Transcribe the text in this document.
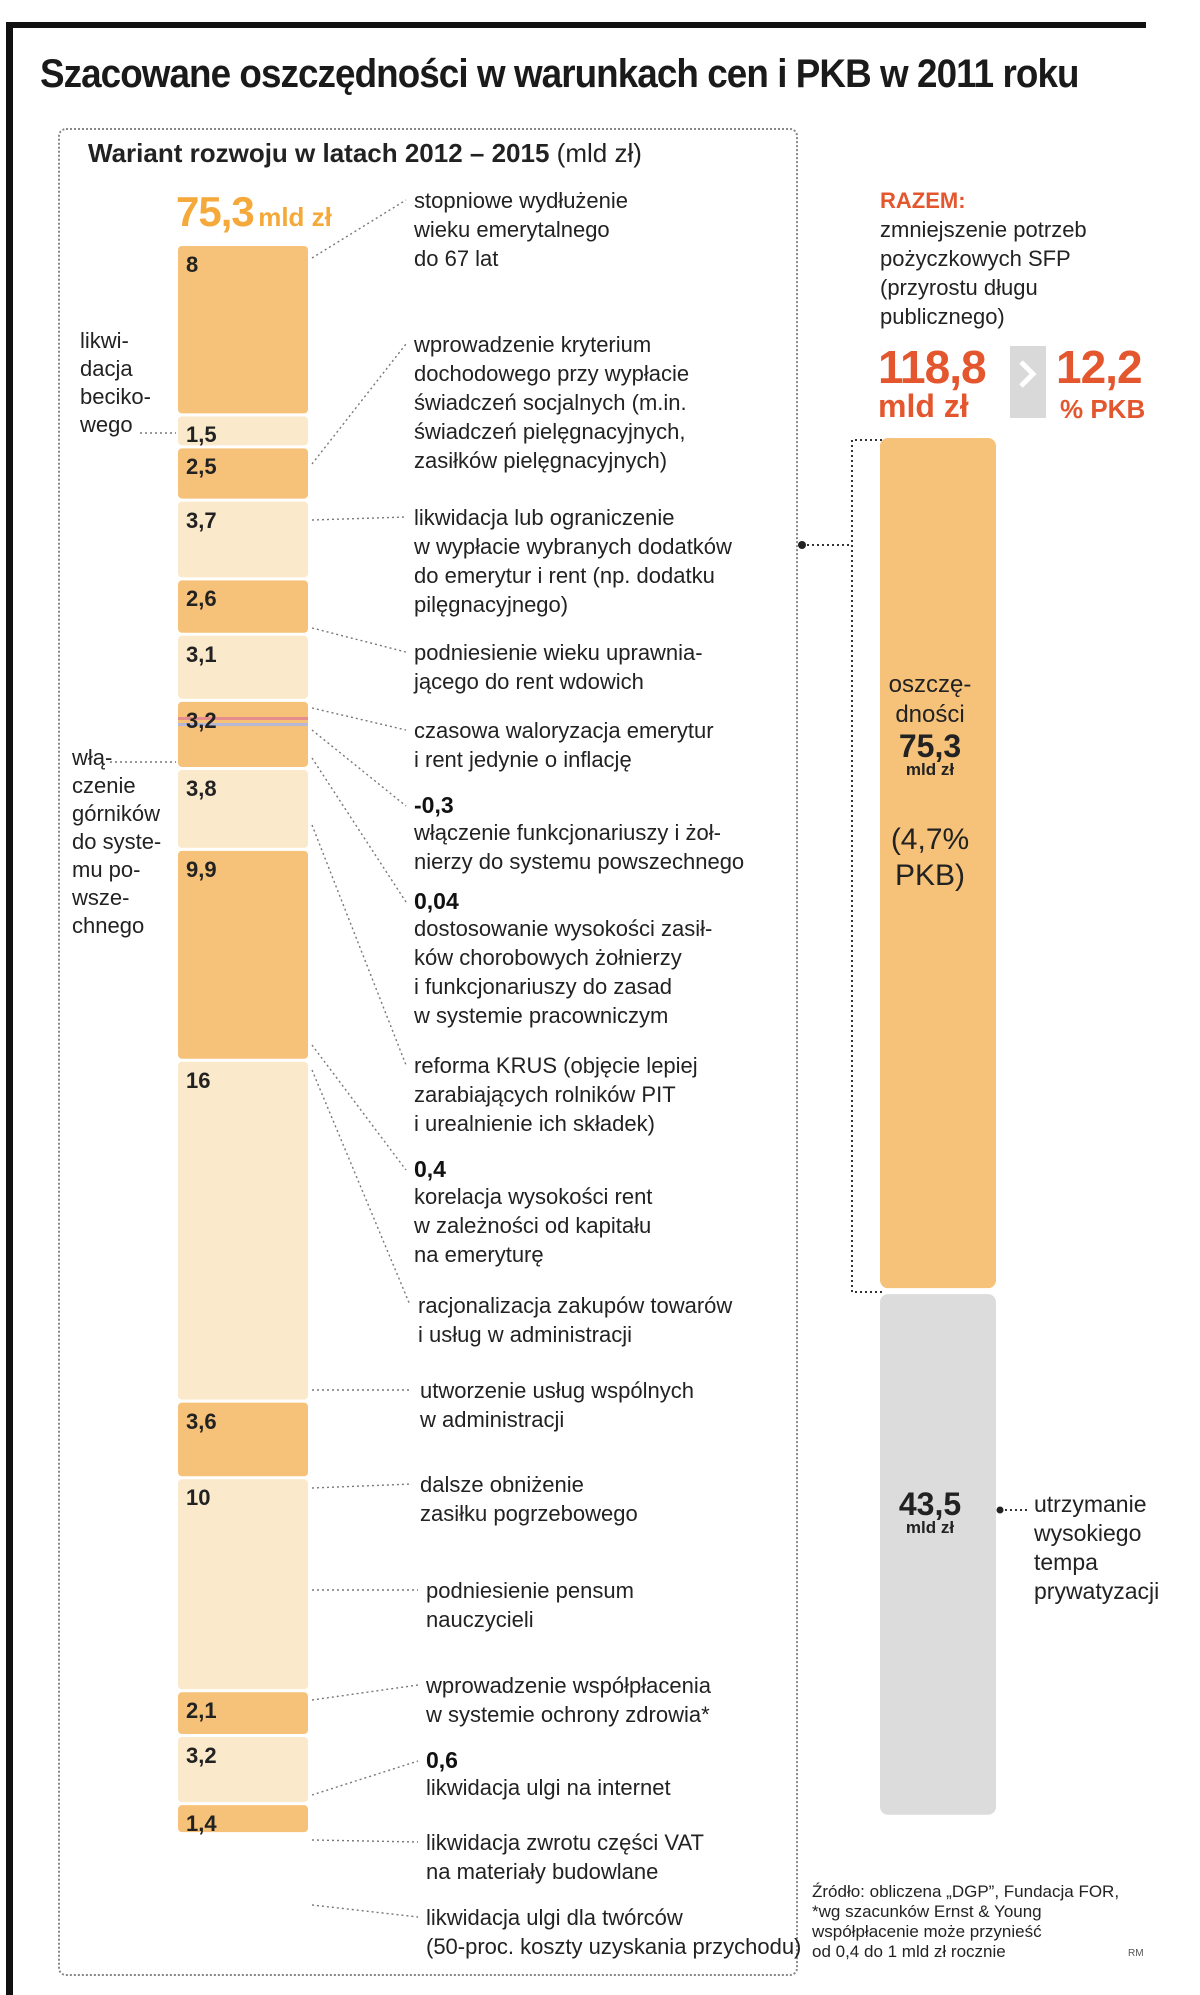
Szacowane oszczędności w warunkach cen i PKB w 2011 roku
Wariant rozwoju w latach 2012 – 2015 (mld zł)
75,3 mld zł
8
1,5
2,5
3,7
2,6
3,1
3,2
3,8
9,9
16
3,6
10
2,1
3,2
1,4
stopniowe wydłużenie
wieku emerytalnego
do 67 lat
wprowadzenie kryterium
dochodowego przy wypłacie
świadczeń socjalnych (m.in.
świadczeń pielęgnacyjnych,
zasiłków pielęgnacyjnych)
likwidacja lub ograniczenie
w wypłacie wybranych dodatków
do emerytur i rent (np. dodatku
pilęgnacyjnego)
podniesienie wieku uprawnia-
jącego do rent wdowich
czasowa waloryzacja emerytur
i rent jedynie o inflację
-0,3
włączenie funkcjonariuszy i żoł-
nierzy do systemu powszechnego
0,04
dostosowanie wysokości zasił-
ków chorobowych żołnierzy
i funkcjonariuszy do zasad
w systemie pracowniczym
reforma KRUS (objęcie lepiej
zarabiających rolników PIT
i urealnienie ich składek)
0,4
korelacja wysokości rent
w zależności od kapitału
na emeryturę
racjonalizacja zakupów towarów
i usług w administracji
utworzenie usług wspólnych
w administracji
dalsze obniżenie
zasiłku pogrzebowego
podniesienie pensum
nauczycieli
wprowadzenie współpłacenia
w systemie ochrony zdrowia*
0,6
likwidacja ulgi na internet
likwidacja zwrotu części VAT
na materiały budowlane
likwidacja ulgi dla twórców
(50-proc. koszty uzyskania przychodu)
RAZEM:
zmniejszenie potrzeb
pożyczkowych SFP
(przyrostu długu
publicznego)
118,8
mld zł
12,2
% PKB
oszczę-
dności
75,3
mld zł
(4,7%
PKB)
43,5
mld zł
utrzymanie
wysokiego
tempa
prywatyzacji
likwi-
dacja
beciko-
wego
włą-
czenie
górników
do syste-
mu po-
wsze-
chnego
Źródło: obliczena „DGP”, Fundacja FOR,
*wg szacunków Ernst & Young
współpłacenie może przynieść
od 0,4 do 1 mld zł rocznie	RM
